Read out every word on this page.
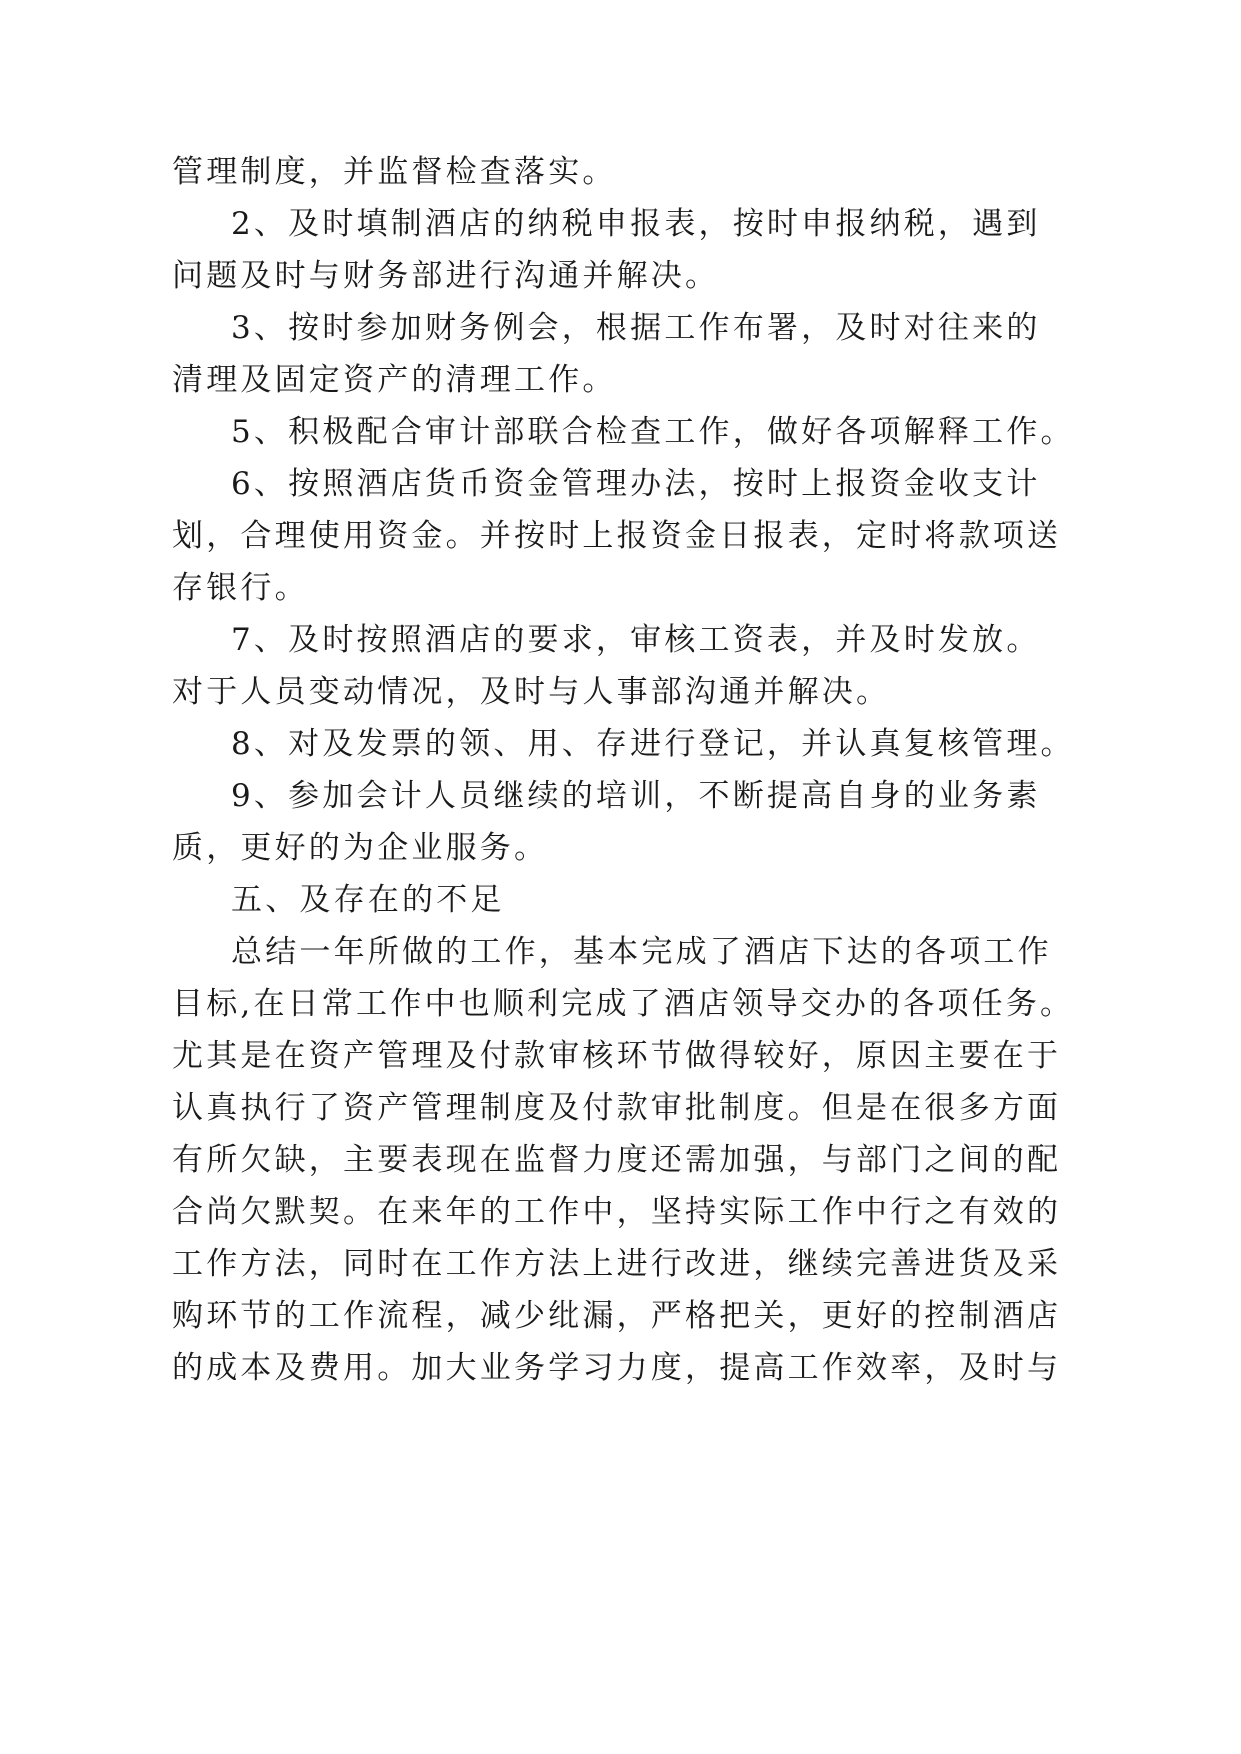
管理制度，并监督检查落实。
2、及时填制酒店的纳税申报表，按时申报纳税，遇到
问题及时与财务部进行沟通并解决。
3、按时参加财务例会，根据工作布署，及时对往来的
清理及固定资产的清理工作。
5、积极配合审计部联合检查工作，做好各项解释工作。
6、按照酒店货币资金管理办法，按时上报资金收支计
划，合理使用资金。并按时上报资金日报表，定时将款项送
存银行。
7、及时按照酒店的要求，审核工资表，并及时发放。
对于人员变动情况，及时与人事部沟通并解决。
8、对及发票的领、用、存进行登记，并认真复核管理。
9、参加会计人员继续的培训，不断提高自身的业务素
质，更好的为企业服务。
五、及存在的不足
总结一年所做的工作，基本完成了酒店下达的各项工作
目标,在日常工作中也顺利完成了酒店领导交办的各项任务。
尤其是在资产管理及付款审核环节做得较好，原因主要在于
认真执行了资产管理制度及付款审批制度。但是在很多方面
有所欠缺，主要表现在监督力度还需加强，与部门之间的配
合尚欠默契。在来年的工作中，坚持实际工作中行之有效的
工作方法，同时在工作方法上进行改进，继续完善进货及采
购环节的工作流程，减少纰漏，严格把关，更好的控制酒店
的成本及费用。加大业务学习力度，提高工作效率，及时与
